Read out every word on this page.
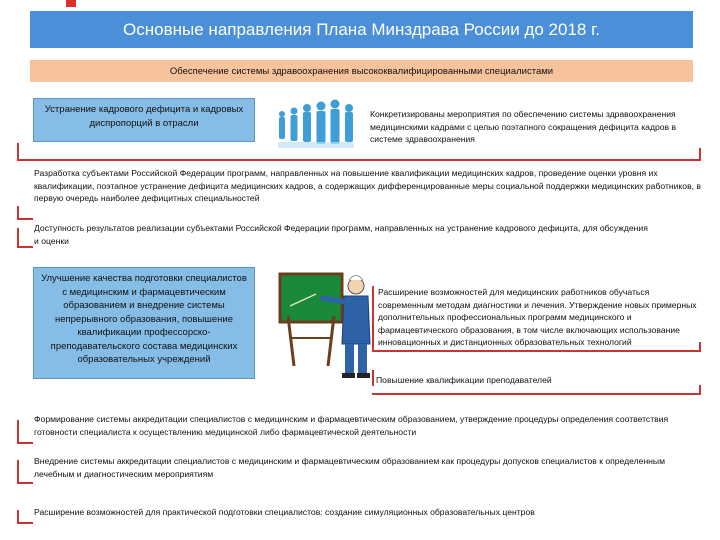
Основные направления Плана Минздрава России до 2018 г.
Обеспечение системы здравоохранения высококвалифицированными специалистами
Устранение кадрового дефицита и кадровых диспропорций в отрасли
Конкретизированы мероприятия по обеспечению системы здравоохранения медицинскими кадрами с целью поэтапного сокращения дефицита кадров в системе здравоохранения
Разработка субъектами Российской Федерации программ, направленных на повышение квалификации медицинских кадров, проведение оценки уровня их квалификации, поэтапное устранение дефицита медицинских кадров, а содержащих дифференцированные меры социальной поддержки медицинских работников, в первую очередь наиболее дефицитных специальностей
Доступность результатов реализации субъектами Российской Федерации программ, направленных на устранение кадрового дефицита, для обсуждения и оценки
Улучшение качества подготовки специалистов с медицинским и фармацевтическим образованием и внедрение системы непрерывного образования, повышение квалификации профессорско-преподавательского состава медицинских образовательных учреждений
Расширение возможностей для медицинских работников обучаться современным методам диагностики и лечения. Утверждение новых примерных дополнительных профессиональных программ медицинского и фармацевтического образования, в том числе включающих использование инновационных и дистанционных образовательных технологий
Повышение квалификации преподавателей
Формирование системы аккредитации специалистов с медицинским и фармацевтическим образованием, утверждение процедуры определения соответствия готовности специалиста к осуществлению медицинской либо фармацевтической деятельности
Внедрение системы аккредитации специалистов с медицинским и фармацевтическим образованием как процедуры допусков специалистов к определенным лечебным и диагностическим мероприятиям
Расширение возможностей для практической подготовки специалистов: создание симуляционных образовательных центров
